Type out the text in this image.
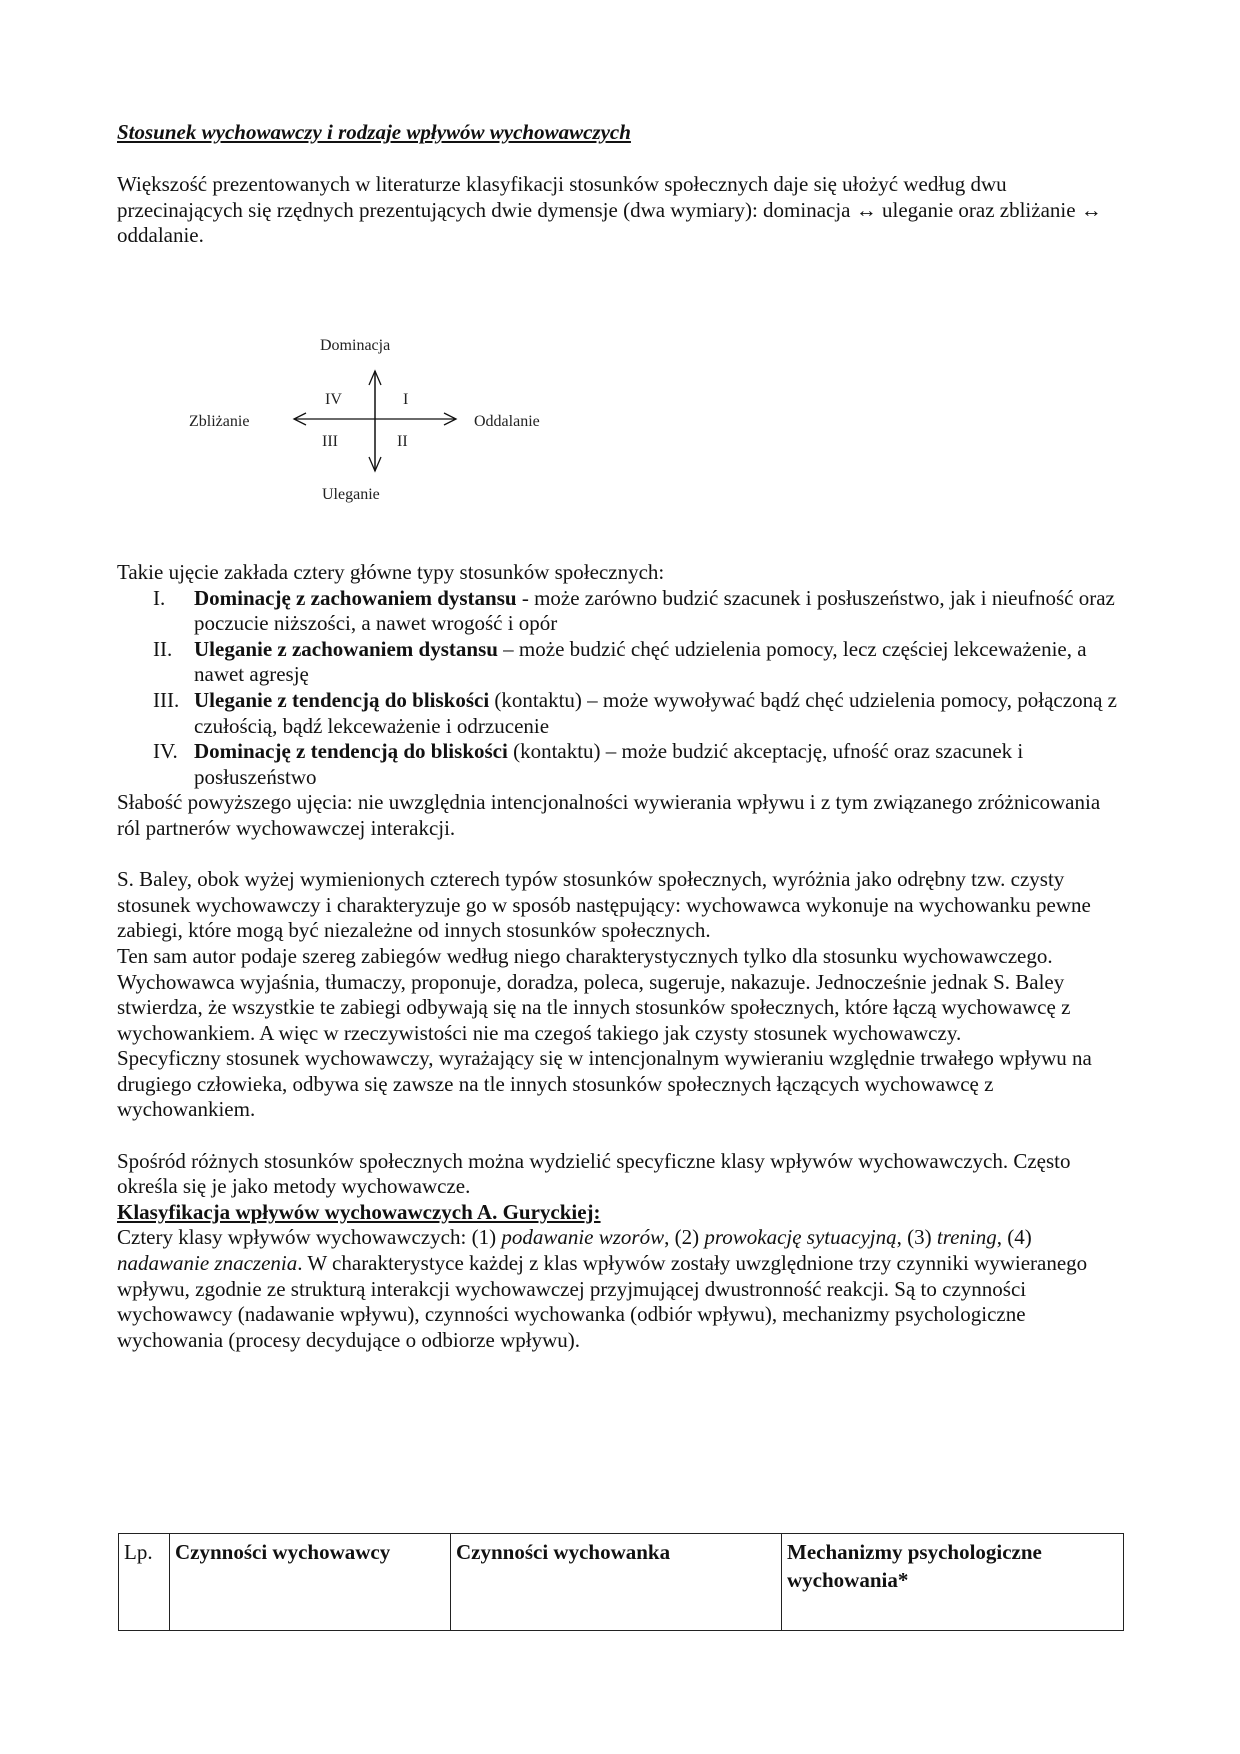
Stosunek wychowawczy i rodzaje wpływów wychowawczych

Większość prezentowanych w literaturze klasyfikacji stosunków społecznych daje się ułożyć według dwu przecinających się rzędnych prezentujących dwie dymensje (dwa wymiary): dominacja ↔ uleganie oraz zbliżanie ↔ oddalanie.

Dominacja
Uleganie
Zbliżanie	Oddalanie
I
II
III
IV

Takie ujęcie zakłada cztery główne typy stosunków społecznych:

I. Dominację z zachowaniem dystansu - może zarówno budzić szacunek i posłuszeństwo, jak i nieufność oraz poczucie niższości, a nawet wrogość i opór
II. Uleganie z zachowaniem dystansu – może budzić chęć udzielenia pomocy, lecz częściej lekceważenie, a nawet agresję
III. Uleganie z tendencją do bliskości (kontaktu) – może wywoływać bądź chęć udzielenia pomocy, połączoną z czułością, bądź lekceważenie i odrzucenie
IV. Dominację z tendencją do bliskości (kontaktu) – może budzić akceptację, ufność oraz szacunek i posłuszeństwo

Słabość powyższego ujęcia: nie uwzględnia intencjonalności wywierania wpływu i z tym związanego zróżnicowania ról partnerów wychowawczej interakcji.

S. Baley, obok wyżej wymienionych czterech typów stosunków społecznych, wyróżnia jako odrębny tzw. czysty stosunek wychowawczy i charakteryzuje go w sposób następujący: wychowawca wykonuje na wychowanku pewne zabiegi, które mogą być niezależne od innych stosunków społecznych.

Ten sam autor podaje szereg zabiegów według niego charakterystycznych tylko dla stosunku wychowawczego. Wychowawca wyjaśnia, tłumaczy, proponuje, doradza, poleca, sugeruje, nakazuje. Jednocześnie jednak S. Baley stwierdza, że wszystkie te zabiegi odbywają się na tle innych stosunków społecznych, które łączą wychowawcę z wychowankiem. A więc w rzeczywistości nie ma czegoś takiego jak czysty stosunek wychowawczy.

Specyficzny stosunek wychowawczy, wyrażający się w intencjonalnym wywieraniu względnie trwałego wpływu na drugiego człowieka, odbywa się zawsze na tle innych stosunków społecznych łączących wychowawcę z wychowankiem.

Spośród różnych stosunków społecznych można wydzielić specyficzne klasy wpływów wychowawczych. Często określa się je jako metody wychowawcze.

Klasyfikacja wpływów wychowawczych A. Guryckiej:

Cztery klasy wpływów wychowawczych: (1) podawanie wzorów, (2) prowokację sytuacyjną, (3) trening, (4) nadawanie znaczenia. W charakterystyce każdej z klas wpływów zostały uwzględnione trzy czynniki wywieranego wpływu, zgodnie ze strukturą interakcji wychowawczej przyjmującej dwustronność reakcji. Są to czynności wychowawcy (nadawanie wpływu), czynności wychowanka (odbiór wpływu), mechanizmy psychologiczne wychowania (procesy decydujące o odbiorze wpływu).

Lp.	Czynności wychowawcy	Czynności wychowanka	Mechanizmy psychologiczne wychowania*
